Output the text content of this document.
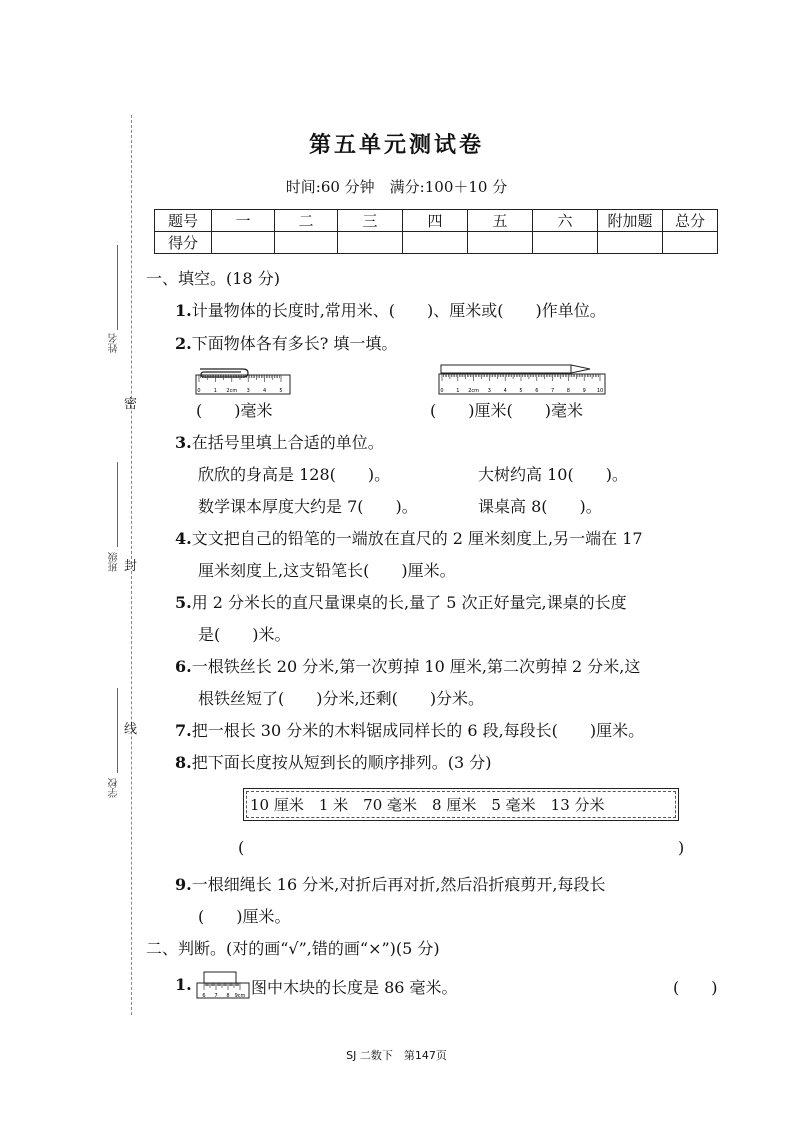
姓名
班级
学校
密
封
线
第五单元测试卷
时间:60 分钟　满分:100＋10 分
题号	一	二	三	四	五	六	附加题	总分
得分								
一、填空。(18 分)
1.计量物体的长度时,常用米、(　　)、厘米或(　　)作单位。
2.下面物体各有多长? 填一填。
0	1 2cm 3	4	5	0	1 2cm 3	4	5	6	7	8	9 10
(　　)毫米	(　　)厘米(　　)毫米
3.在括号里填上合适的单位。
欣欣的身高是 128(　　)。	大树约高 10(　　)。
数学课本厚度大约是 7(　　)。	课桌高 8(　　)。
4.文文把自己的铅笔的一端放在直尺的 2 厘米刻度上,另一端在 17
厘米刻度上,这支铅笔长(　　)厘米。
5.用 2 分米长的直尺量课桌的长,量了 5 次正好量完,课桌的长度
是(　　)米。
6.一根铁丝长 20 分米,第一次剪掉 10 厘米,第二次剪掉 2 分米,这
根铁丝短了(　　)分米,还剩(　　)分米。
7.把一根长 30 分米的木料锯成同样长的 6 段,每段长(　　)厘米。
8.把下面长度按从短到长的顺序排列。(3 分)
10 厘米　1 米　70 毫米　8 厘米　5 毫米　13 分米
(	)
9.一根细绳长 16 分米,对折后再对折,然后沿折痕剪开,每段长
(　　)厘米。
二、判断。(对的画“√”,错的画“×”)(5 分)
1.
6 7 8 9cm 图中木块的长度是 86 毫米。	(　　)
SJ 二数下　第147页
